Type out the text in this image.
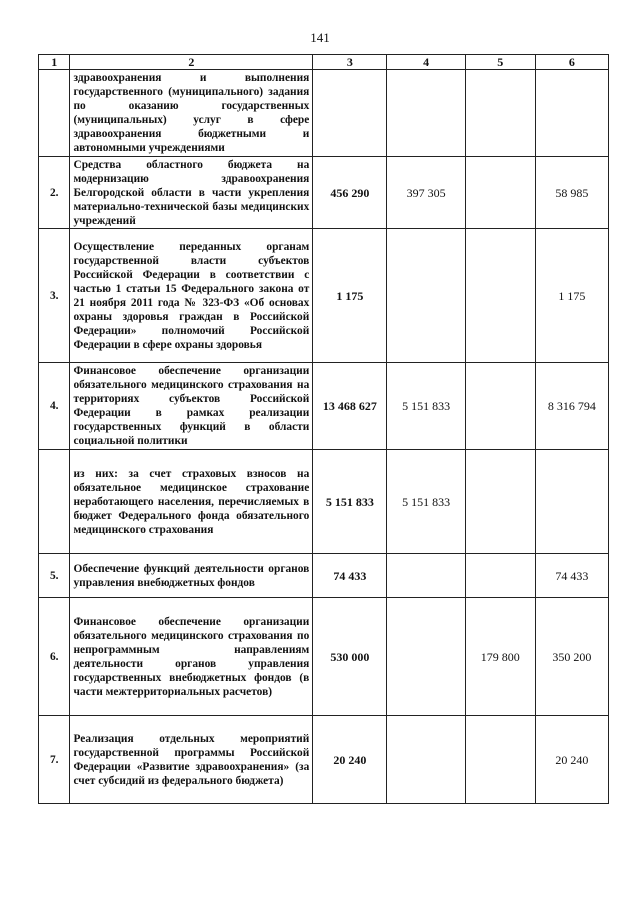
141
1	2	3	4	5	6
	здравоохранения и выполнения государственного (муниципального) задания по оказанию государственных (муниципальных) услуг в сфере здравоохранения бюджетными и автономными учреждениями				
2.	Средства областного бюджета на модернизацию здравоохранения Белгородской области в части укрепления материально-технической базы медицинских учреждений	456 290	397 305		58 985
3.	Осуществление переданных органам государственной власти субъектов Российской Федерации в соответствии с частью 1 статьи 15 Федерального закона от 21 ноября 2011 года № 323-ФЗ «Об основах охраны здоровья граждан в Российской Федерации» полномочий Российской Федерации в сфере охраны здоровья	1 175			1 175
4.	Финансовое обеспечение организации обязательного медицинского страхования на территориях субъектов Российской Федерации в рамках реализации государственных функций в области социальной политики	13 468 627	5 151 833		8 316 794
	из них: за счет страховых взносов на обязательное медицинское страхование неработающего населения, перечисляемых в бюджет Федерального фонда обязательного медицинского страхования	5 151 833	5 151 833		
5.	Обеспечение функций деятельности органов управления внебюджетных фондов	74 433			74 433
6.	Финансовое обеспечение организации обязательного медицинского страхования по непрограммным направлениям деятельности органов управления государственных внебюджетных фондов (в части межтерриториальных расчетов)	530 000		179 800	350 200
7.	Реализация отдельных мероприятий государственной программы Российской Федерации «Развитие здравоохранения» (за счет субсидий из федерального бюджета)	20 240			20 240
